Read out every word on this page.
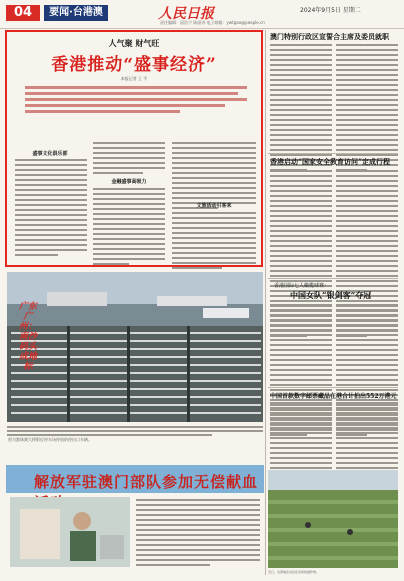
04	要闻·台港澳	人民日报	2024年9月5日 星期二
责任编辑：邱浩宁 陈丽诗 电子邮箱：ywtgao@people.cn
人气聚 财气旺
香港推动“盛事经济”
本报记者 王 平
盛事文化俱乐部
金融盛事高吸力
文旅活动引客来
广东广州：南沙码头成地标
图为港珠澳大桥附近停车场停放的待出口车辆。
解放军驻澳门部队参加无偿献血
澳门特别行政区宣誓合主席及委员就职
香港启动“国家安全教育访问”定成行程
香港国际七人橄榄球赛：
中国女队“银剑客”夺冠
中国首款数字邮票藏品在港合计拍出552万港元
近日，台湾地区农民在田间收割作物。
